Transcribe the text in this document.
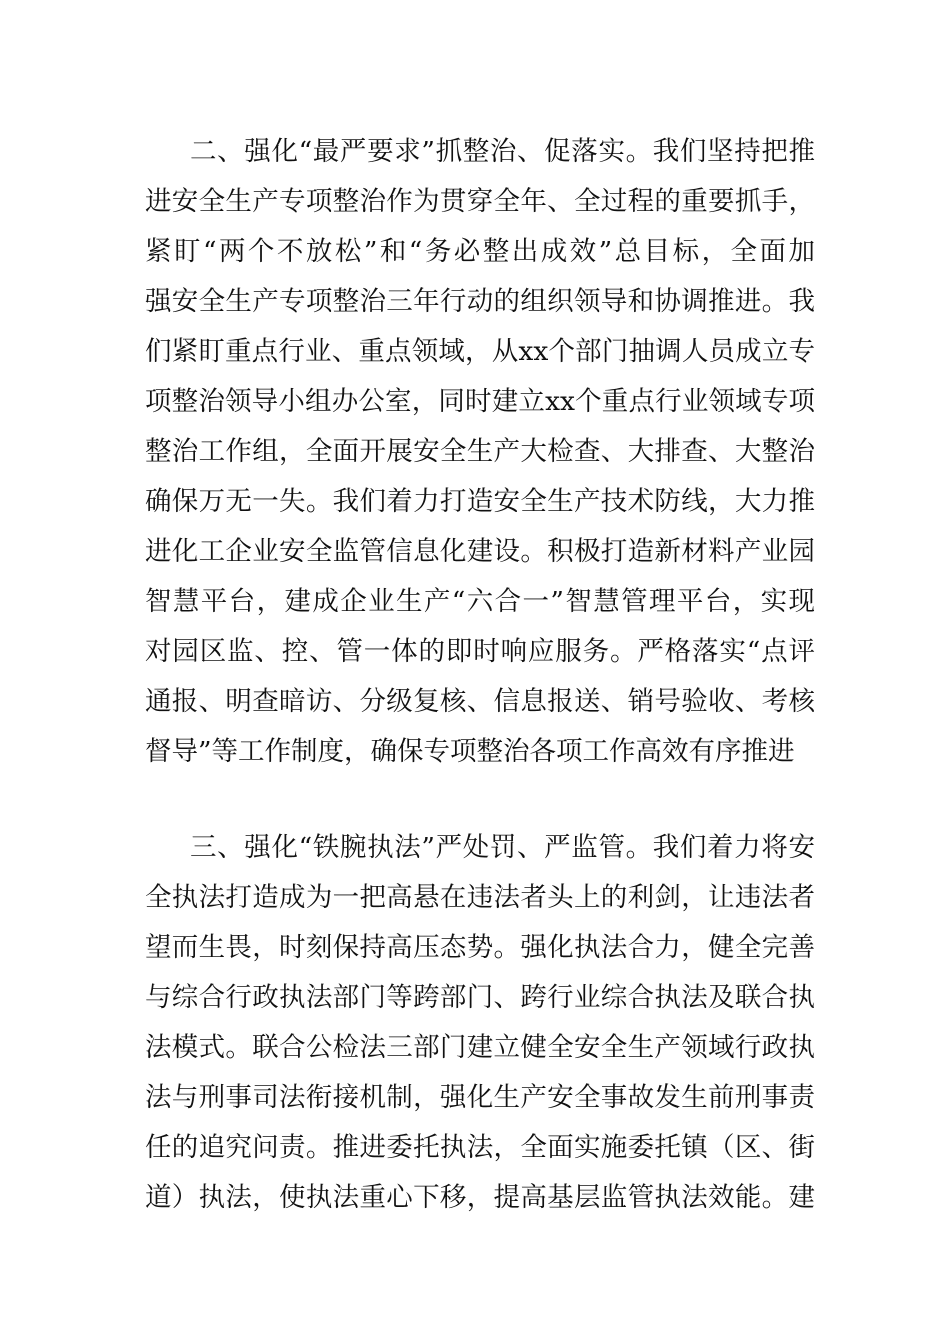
二、强化“最严要求”抓整治、促落实。我们坚持把推
进安全生产专项整治作为贯穿全年、全过程的重要抓手，
紧盯“两个不放松”和“务必整出成效”总目标，全面加
强安全生产专项整治三年行动的组织领导和协调推进。我
们紧盯重点行业、重点领域，从xx个部门抽调人员成立专
项整治领导小组办公室，同时建立xx个重点行业领域专项
整治工作组，全面开展安全生产大检查、大排查、大整治
确保万无一失。我们着力打造安全生产技术防线，大力推
进化工企业安全监管信息化建设。积极打造新材料产业园
智慧平台，建成企业生产“六合一”智慧管理平台，实现
对园区监、控、管一体的即时响应服务。严格落实“点评
通报、明查暗访、分级复核、信息报送、销号验收、考核
督导”等工作制度，确保专项整治各项工作高效有序推进
三、强化“铁腕执法”严处罚、严监管。我们着力将安
全执法打造成为一把高悬在违法者头上的利剑，让违法者
望而生畏，时刻保持高压态势。强化执法合力，健全完善
与综合行政执法部门等跨部门、跨行业综合执法及联合执
法模式。联合公检法三部门建立健全安全生产领域行政执
法与刑事司法衔接机制，强化生产安全事故发生前刑事责
任的追究问责。推进委托执法，全面实施委托镇（区、街
道）执法，使执法重心下移，提高基层监管执法效能。建
